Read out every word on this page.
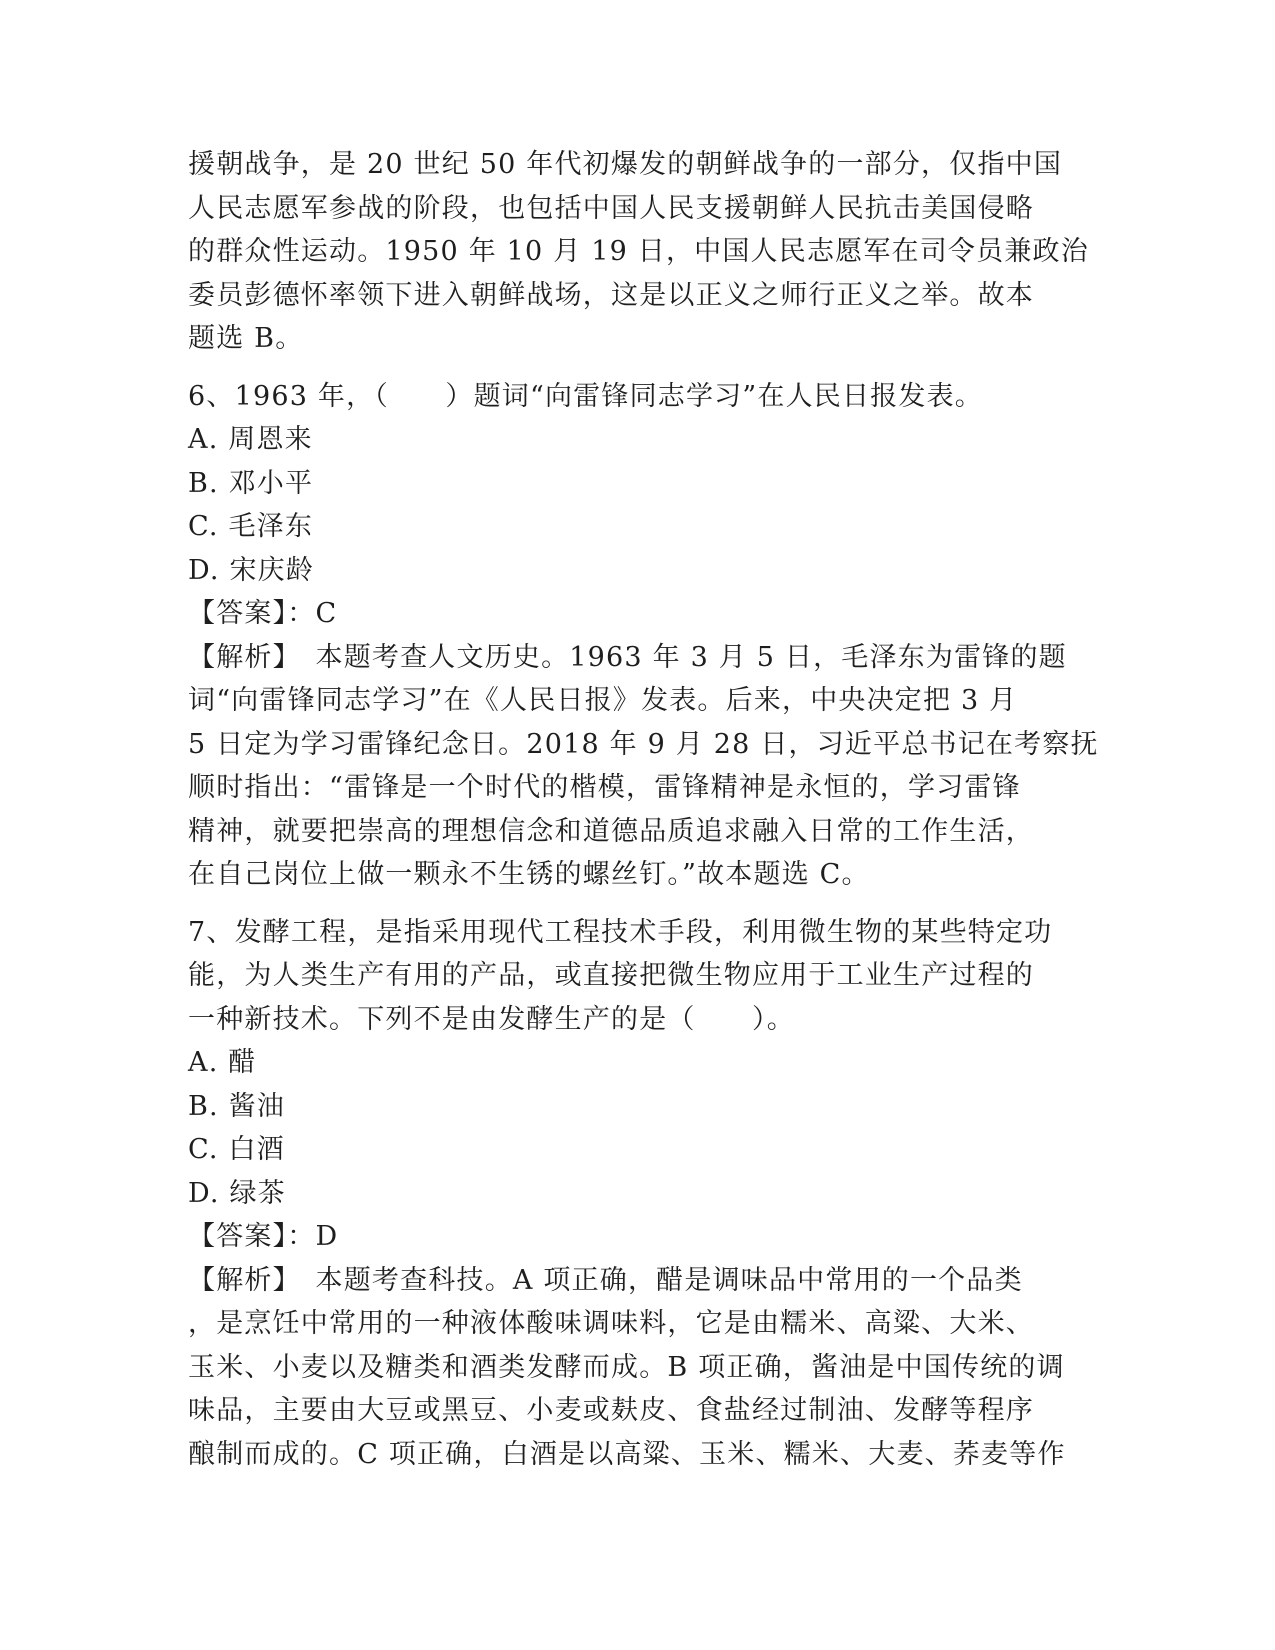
援朝战争，是 20 世纪 50 年代初爆发的朝鲜战争的一部分，仅指中国
人民志愿军参战的阶段，也包括中国人民支援朝鲜人民抗击美国侵略
的群众性运动。1950 年 10 月 19 日，中国人民志愿军在司令员兼政治
委员彭德怀率领下进入朝鲜战场，这是以正义之师行正义之举。故本
题选 B。
6、1963 年，（　　）题词“向雷锋同志学习”在人民日报发表。
A. 周恩来
B. 邓小平
C. 毛泽东
D. 宋庆龄
【答案】：C
【解析】　本题考查人文历史。1963 年 3 月 5 日，毛泽东为雷锋的题
词“向雷锋同志学习”在《人民日报》发表。后来，中央决定把 3 月
5 日定为学习雷锋纪念日。2018 年 9 月 28 日，习近平总书记在考察抚
顺时指出：“雷锋是一个时代的楷模，雷锋精神是永恒的，学习雷锋
精神，就要把崇高的理想信念和道德品质追求融入日常的工作生活，
在自己岗位上做一颗永不生锈的螺丝钉。”故本题选 C。
7、发酵工程，是指采用现代工程技术手段，利用微生物的某些特定功
能，为人类生产有用的产品，或直接把微生物应用于工业生产过程的
一种新技术。下列不是由发酵生产的是（　　）。
A. 醋
B. 酱油
C. 白酒
D. 绿茶
【答案】：D
【解析】　本题考查科技。A 项正确，醋是调味品中常用的一个品类
，是烹饪中常用的一种液体酸味调味料，它是由糯米、高粱、大米、
玉米、小麦以及糖类和酒类发酵而成。B 项正确，酱油是中国传统的调
味品，主要由大豆或黑豆、小麦或麸皮、食盐经过制油、发酵等程序
酿制而成的。C 项正确，白酒是以高粱、玉米、糯米、大麦、荞麦等作
